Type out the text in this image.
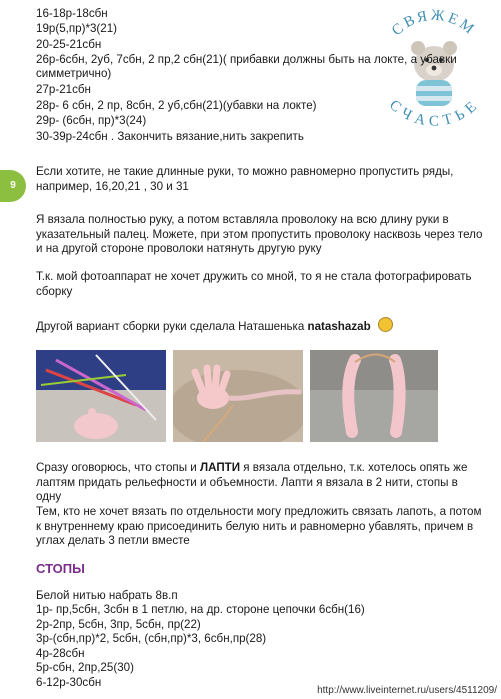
СВЯЖЕМ
СЧАСТЬЕ
16-18р-18сбн
19р(5,пр)*3(21)
20-25-21сбн
26р-6сбн, 2уб, 7сбн, 2 пр,2 сбн(21)( прибавки должны быть на локте, а убавки
симметрично)
27р-21сбн
28р- 6 сбн, 2 пр, 8сбн, 2 уб,сбн(21)(убавки на локте)
29р- (6сбн, пр)*3(24)
30-39р-24сбн . Закончить вязание,нить закрепить
9
Если хотите, не такие длинные руки, то можно равномерно пропустить ряды, например, 16,20,21 , 30 и 31
Я вязала полностью руку, а потом вставляла проволоку на всю длину руки в указательный палец. Можете, при этом пропустить проволоку насквозь через тело и на другой стороне проволоки натянуть другую руку
Т.к. мой фотоаппарат не хочет дружить со мной, то я не стала фотографировать сборку
Другой вариант сборки руки сделала Наташенька natashazab
Сразу оговорюсь, что стопы и ЛАПТИ я вязала отдельно, т.к. хотелось опять же лаптям придать рельефности и объемности. Лапти я вязала в 2 нити, стопы в одну
Тем, кто не хочет вязать по отдельности могу предложить связать лапоть, а потом к внутреннему краю присоединить белую нить и равномерно убавлять, причем в углах делать 3 петли вместе
СТОПЫ
Белой нитью набрать 8в.п
1р- пр,5сбн, 3сбн в 1 петлю, на др. стороне цепочки 6сбн(16)
2р-2пр, 5сбн, 3пр, 5сбн, пр(22)
3р-(сбн,пр)*2, 5сбн, (сбн,пр)*3, 6сбн,пр(28)
4р-28сбн
5р-сбн, 2пр,25(30)
6-12р-30сбн
http://www.liveinternet.ru/users/4511209/
